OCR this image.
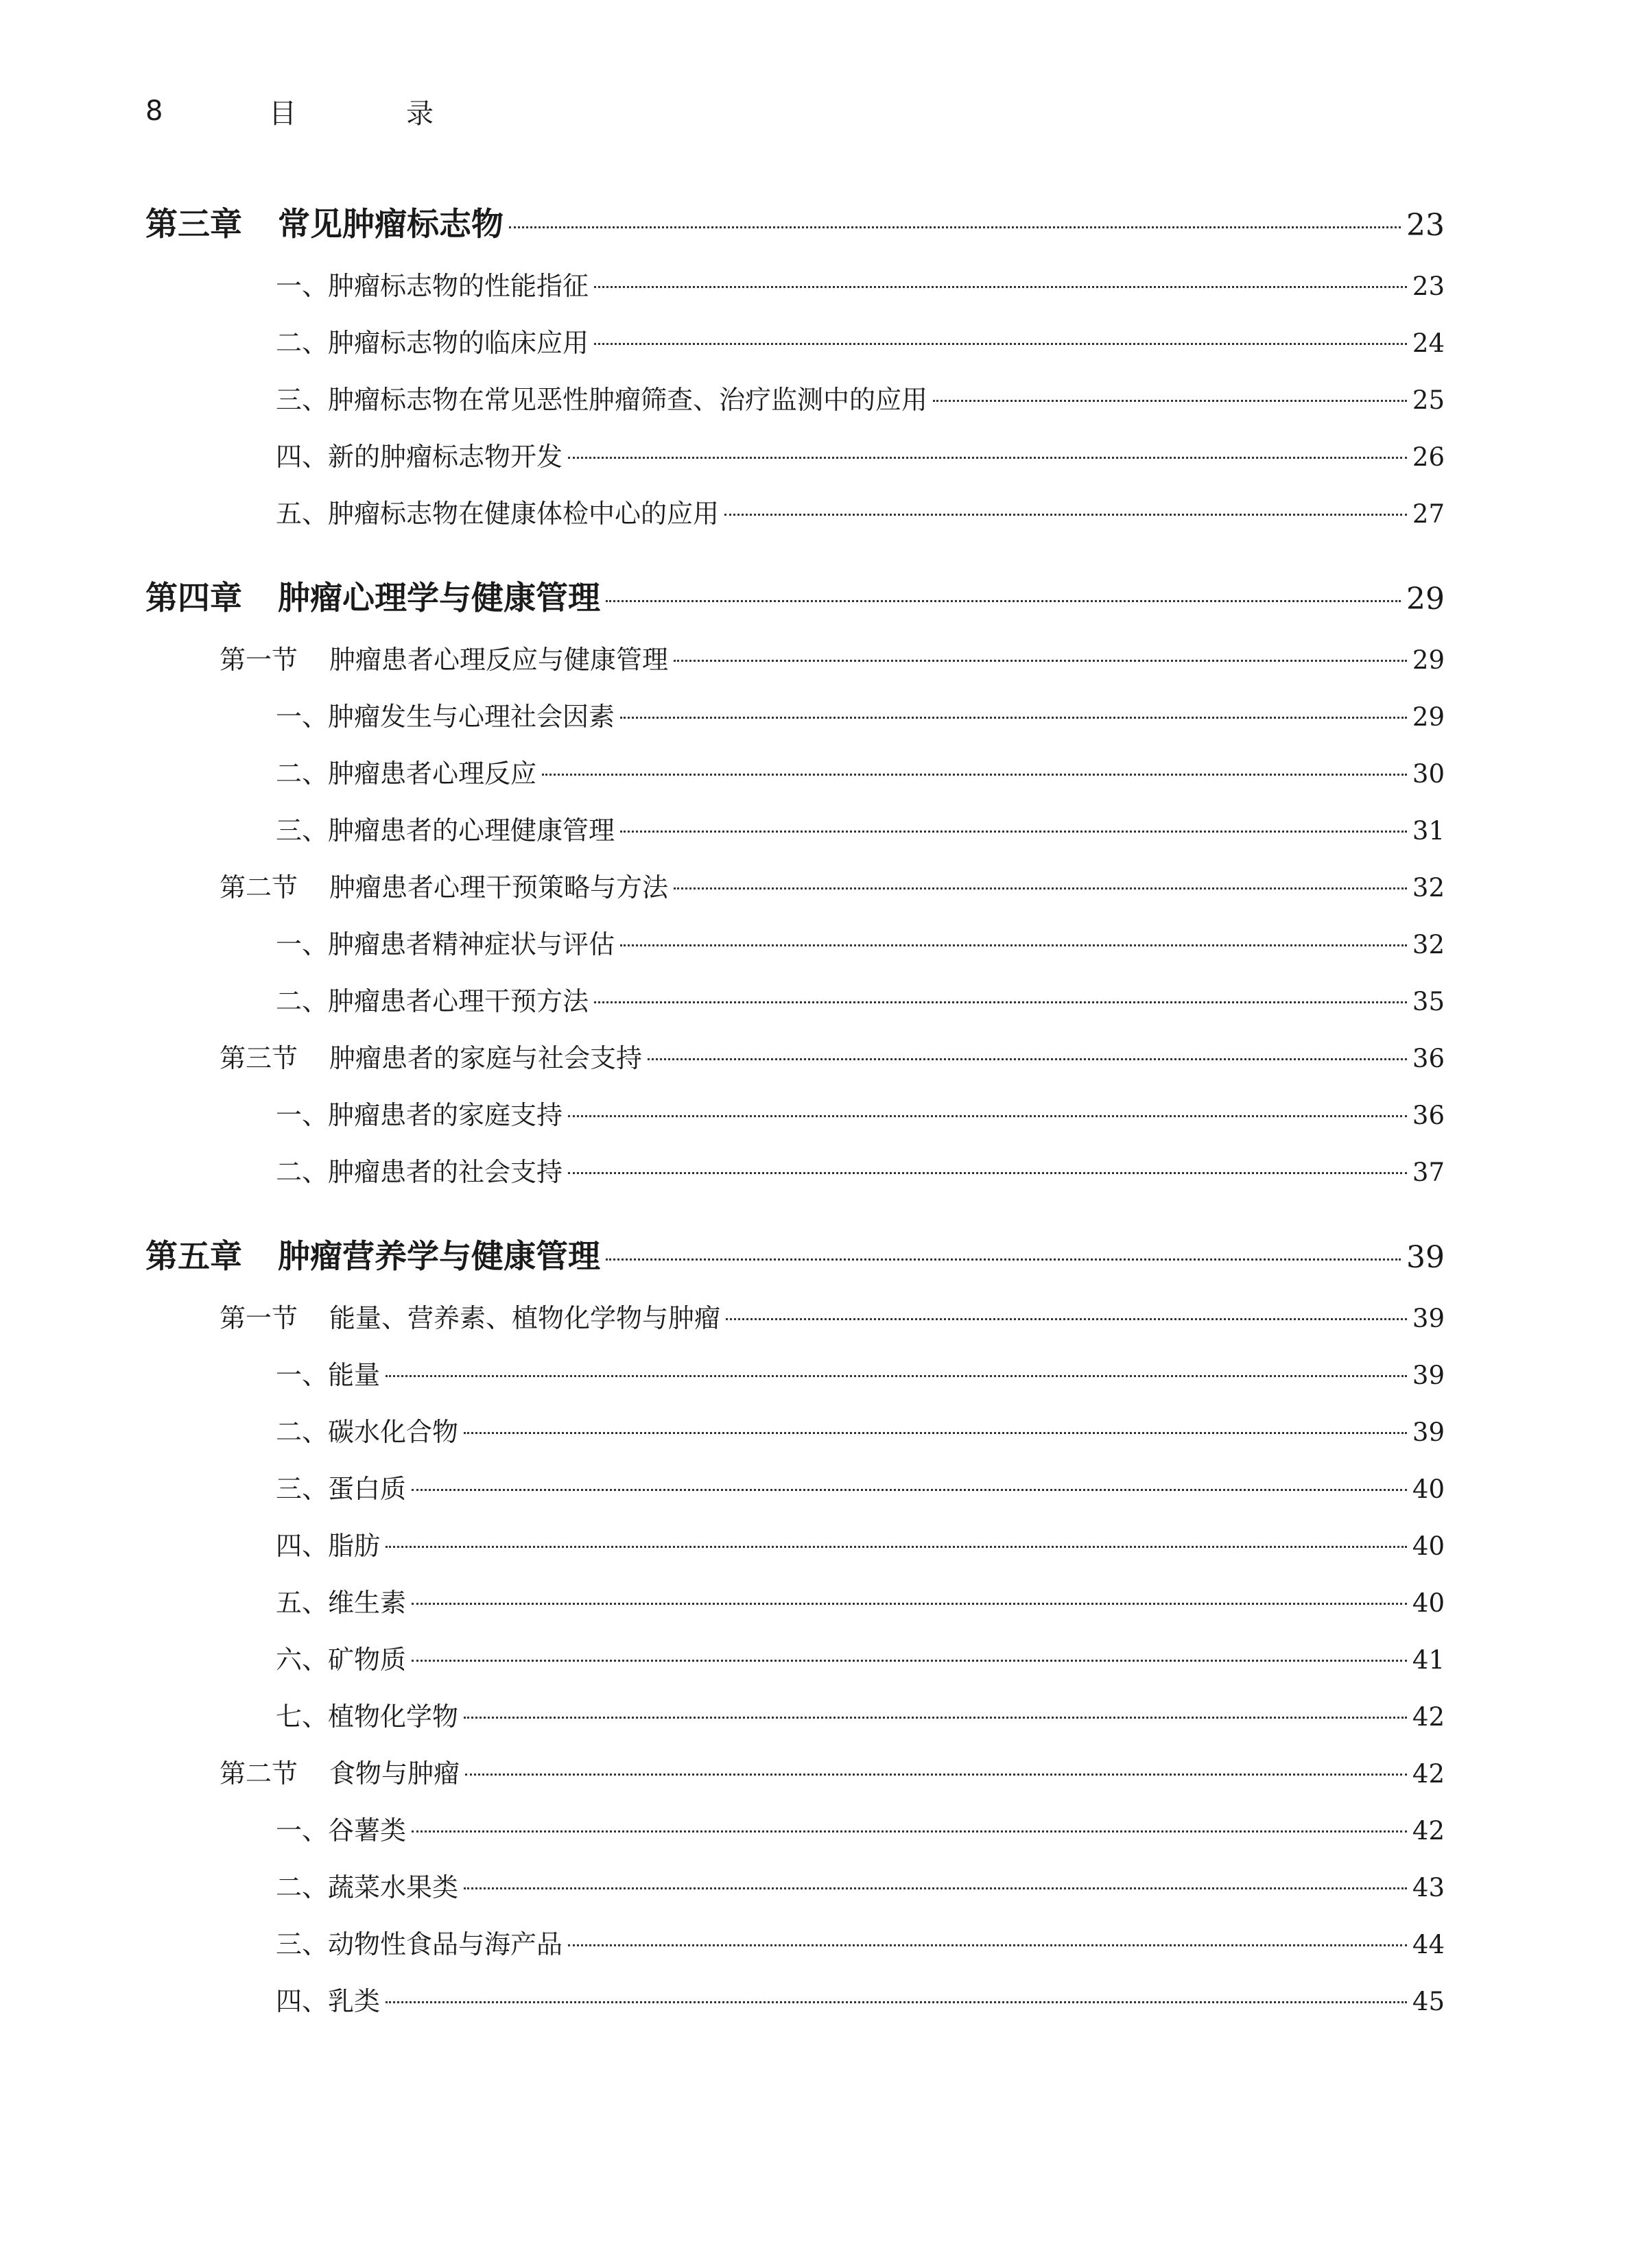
8	目　录
第三章 常见肿瘤标志物	23
一、肿瘤标志物的性能指征	23
二、肿瘤标志物的临床应用	24
三、肿瘤标志物在常见恶性肿瘤筛查、治疗监测中的应用	25
四、新的肿瘤标志物开发	26
五、肿瘤标志物在健康体检中心的应用	27
第四章 肿瘤心理学与健康管理	29
第一节 肿瘤患者心理反应与健康管理	29
一、肿瘤发生与心理社会因素	29
二、肿瘤患者心理反应	30
三、肿瘤患者的心理健康管理	31
第二节 肿瘤患者心理干预策略与方法	32
一、肿瘤患者精神症状与评估	32
二、肿瘤患者心理干预方法	35
第三节 肿瘤患者的家庭与社会支持	36
一、肿瘤患者的家庭支持	36
二、肿瘤患者的社会支持	37
第五章 肿瘤营养学与健康管理	39
第一节 能量、营养素、植物化学物与肿瘤	39
一、能量	39
二、碳水化合物	39
三、蛋白质	40
四、脂肪	40
五、维生素	40
六、矿物质	41
七、植物化学物	42
第二节 食物与肿瘤	42
一、谷薯类	42
二、蔬菜水果类	43
三、动物性食品与海产品	44
四、乳类	45
